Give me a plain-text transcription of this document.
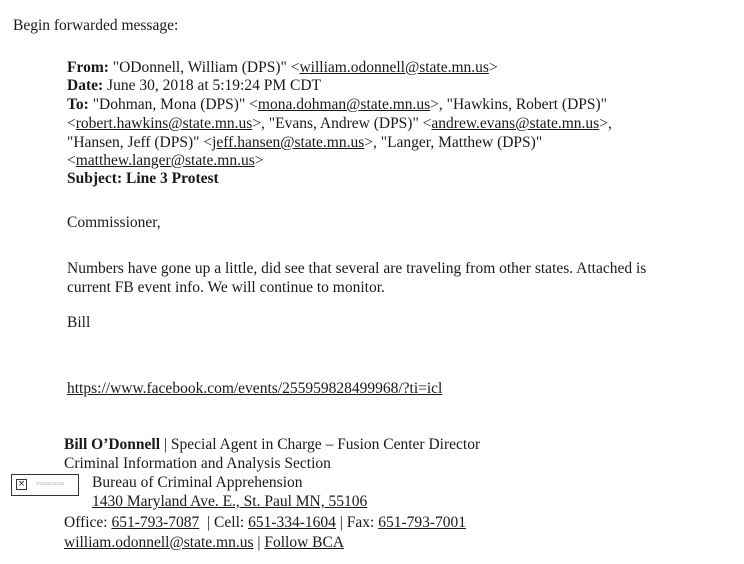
Begin forwarded message:
From: "ODonnell, William (DPS)" <william.odonnell@state.mn.us>
Date: June 30, 2018 at 5:19:24 PM CDT
To: "Dohman, Mona (DPS)" <mona.dohman@state.mn.us>, "Hawkins, Robert (DPS)"
<robert.hawkins@state.mn.us>, "Evans, Andrew (DPS)" <andrew.evans@state.mn.us>,
"Hansen, Jeff (DPS)" <jeff.hansen@state.mn.us>, "Langer, Matthew (DPS)"
<matthew.langer@state.mn.us>
Subject: Line 3 Protest
Commissioner,
Numbers have gone up a little, did see that several are traveling from other states. Attached is
current FB event info. We will continue to monitor.
Bill
https://www.facebook.com/events/255959828499968/?ti=icl
Bill O’Donnell | Special Agent in Charge – Fusion Center Director
Criminal Information and Analysis Section
×	▭▭▭▭▭▭ Bureau of Criminal Apprehension
1430 Maryland Ave. E., St. Paul MN, 55106
Office: 651-793-7087  | Cell: 651-334-1604 | Fax: 651-793-7001
william.odonnell@state.mn.us | Follow BCA
